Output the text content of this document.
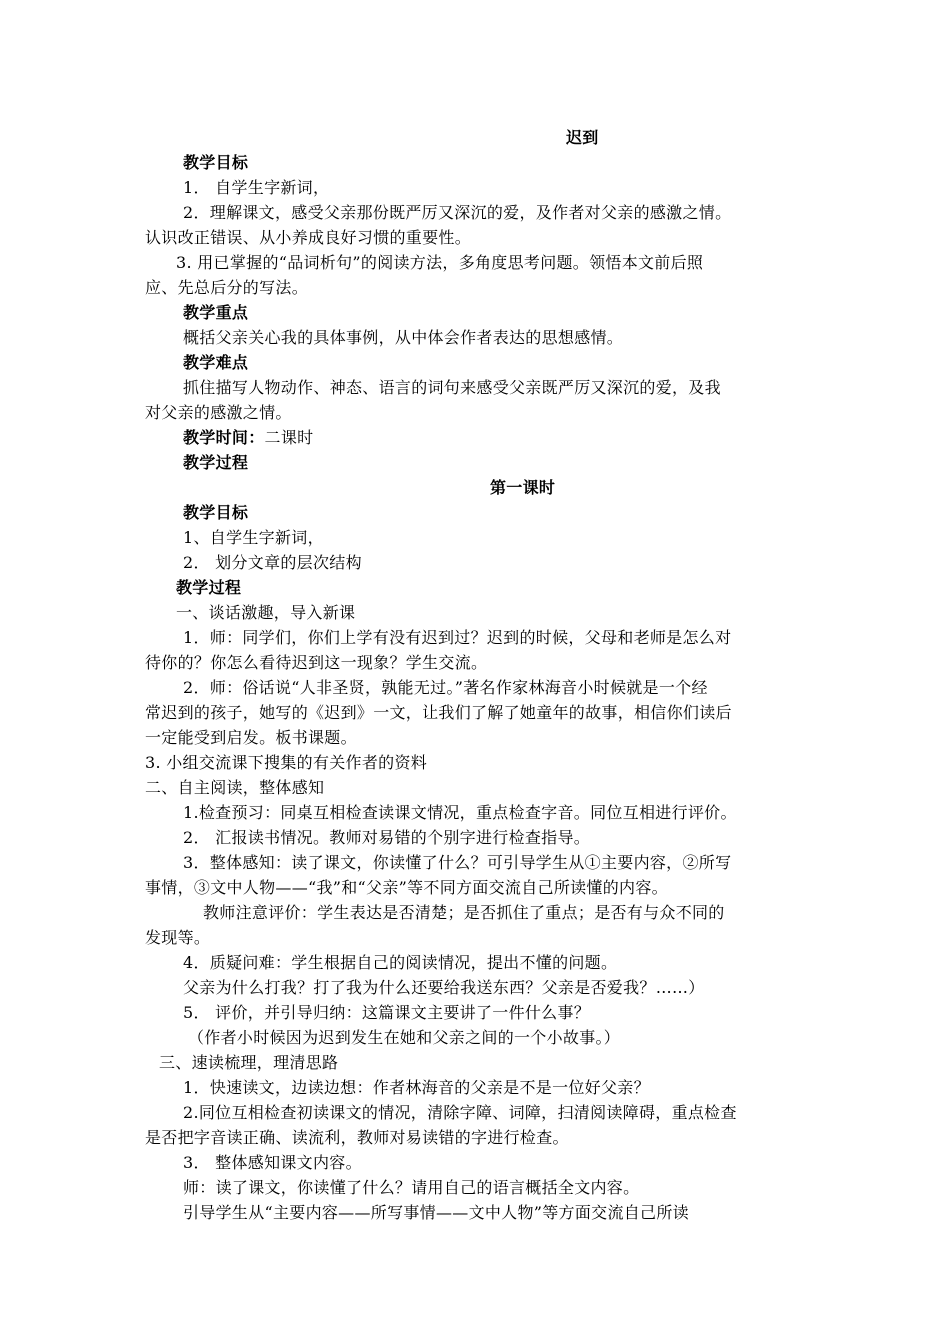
迟到
教学目标
1． 自学生字新词，
2．理解课文，感受父亲那份既严厉又深沉的爱，及作者对父亲的感激之情。
认识改正错误、从小养成良好习惯的重要性。
3. 用已掌握的“品词析句”的阅读方法，多角度思考问题。领悟本文前后照
应、先总后分的写法。
教学重点
概括父亲关心我的具体事例，从中体会作者表达的思想感情。
教学难点
抓住描写人物动作、神态、语言的词句来感受父亲既严厉又深沉的爱，及我
对父亲的感激之情。
教学时间：二课时
教学过程
第一课时
教学目标
1、自学生字新词，
2． 划分文章的层次结构
教学过程
一、谈话激趣，导入新课
1．师：同学们，你们上学有没有迟到过？迟到的时候，父母和老师是怎么对
待你的？你怎么看待迟到这一现象？学生交流。
2．师：俗话说“人非圣贤，孰能无过。”著名作家林海音小时候就是一个经
常迟到的孩子，她写的《迟到》一文，让我们了解了她童年的故事，相信你们读后
一定能受到启发。板书课题。
3. 小组交流课下搜集的有关作者的资料
二、自主阅读，整体感知
1.检查预习：同桌互相检查读课文情况，重点检查字音。同位互相进行评价。
2． 汇报读书情况。教师对易错的个别字进行检查指导。
3．整体感知：读了课文，你读懂了什么？可引导学生从①主要内容，②所写
事情，③文中人物——“我”和“父亲”等不同方面交流自己所读懂的内容。
教师注意评价：学生表达是否清楚；是否抓住了重点；是否有与众不同的
发现等。
4．质疑问难：学生根据自己的阅读情况，提出不懂的问题。
父亲为什么打我？打了我为什么还要给我送东西？父亲是否爱我？……）
5． 评价，并引导归纳：这篇课文主要讲了一件什么事？
（作者小时候因为迟到发生在她和父亲之间的一个小故事。）
三、速读梳理，理清思路
1．快速读文，边读边想：作者林海音的父亲是不是一位好父亲？
2.同位互相检查初读课文的情况，清除字障、词障，扫清阅读障碍，重点检查
是否把字音读正确、读流利，教师对易读错的字进行检查。
3． 整体感知课文内容。
师：读了课文，你读懂了什么？请用自己的语言概括全文内容。
引导学生从“主要内容——所写事情——文中人物”等方面交流自己所读
